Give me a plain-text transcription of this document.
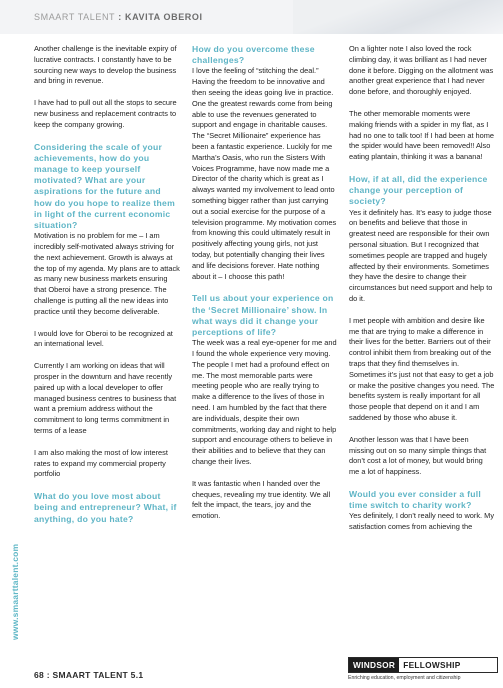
SMAART TALENT : KAVITA OBEROI
www.smaarttalent.com

Another challenge is the inevitable expiry of lucrative contracts. I constantly have to be sourcing new ways to develop the business and bring in revenue.

I have had to pull out all the stops to secure new business and replacement contracts to keep the company growing.

Considering the scale of your achievements, how do you manage to keep yourself motivated? What are your aspirations for the future and how do you hope to realize them in light of the current economic situation?

Motivation is no problem for me – I am incredibly self-motivated always striving for the next achievement. Growth is always at the top of my agenda. My plans are to attack as many new business markets ensuring that Oberoi have a strong presence. The challenge is putting all the new ideas into practice until they become deliverable.

I would love for Oberoi to be recognized at an international level.

Currently I am working on ideas that will prosper in the downturn and have recently paired up with a local developer to offer managed business centres to business that want a premium address without the commitment to long terms commitment in terms of a lease

I am also making the most of low interest rates to expand my commercial property portfolio

What do you love most about being and entrepreneur? What, if anything, do you hate?
How do you overcome these challenges?

I love the feeling of “stitching the deal.” Having the freedom to be innovative and then seeing the ideas going live in practice. One the greatest rewards come from being able to use the revenues generated to support and engage in charitable causes. The “Secret Millionaire” experience has been a fantastic experience. Luckily for me Martha’s Oasis, who run the Sisters With Voices Programme, have now made me a Director of the charity which is great as I always wanted my involvement to lead onto something bigger rather than just carrying out a social exercise for the purpose of a television programme. My motivation comes from knowing this could ultimately result in positively affecting young girls, not just today, but potentially changing their lives and life decisions forever. Hate nothing about it – I choose this path!

Tell us about your experience on the ‘Secret Millionaire’ show. In what ways did it change your perceptions of life?

The week was a real eye-opener for me and I found the whole experience very moving. The people I met had a profound effect on me. The most memorable parts were meeting people who are really trying to make a difference to the lives of those in need. I am humbled by the fact that there are individuals, despite their own commitments, working day and night to help support and encourage others to believe in their abilities and to believe that they can change their lives.

It was fantastic when I handed over the cheques, revealing my true identity. We all felt the impact, the tears, joy and the emotion.

On a lighter note I also loved the rock climbing day, it was brilliant as I had never done it before. Digging on the allotment was another great experience that I had never done before, and thoroughly enjoyed.

The other memorable moments were making friends with a spider in my flat, as I had no one to talk too! If I had been at home the spider would have been removed!! Also eating plantain, thinking it was a banana!

How, if at all, did the experience change your perception of society?

Yes it definitely has. It’s easy to judge those on benefits and believe that those in greatest need are responsible for their own personal situation. But I recognized that sometimes people are trapped and hugely affected by their environments. Sometimes they have the desire to change their circumstances but need support and help to do it.

I met people with ambition and desire like me that are trying to make a difference in their lives for the better. Barriers out of their control inhibit them from breaking out of the traps that they find themselves in. Sometimes it’s just not that easy to get a job or make the positive changes you need. The benefits system is really important for all those people that depend on it and I am saddened by those who abuse it.

Another lesson was that I have been missing out on so many simple things that don’t cost a lot of money, but would bring me a lot of happiness.

Would you ever consider a full time switch to charity work?

Yes definitely, I don’t really need to work. My satisfaction comes from achieving the

68 : SMAART TALENT 5.1
WINDSOR FELLOWSHIP
Enriching education, employment and citizenship
